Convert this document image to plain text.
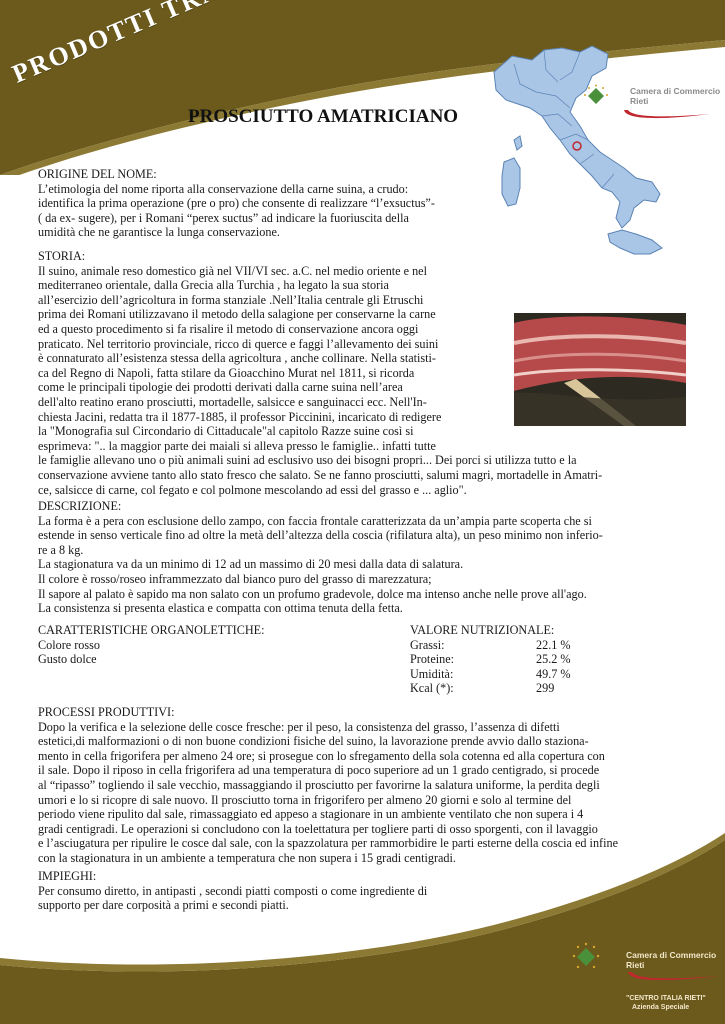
Camera di Commercio
Rieti
PROSCIUTTO AMATRICIANO
ORIGINE DEL NOME:
L’etimologia del nome riporta alla conservazione della carne suina, a crudo:
identifica la prima operazione (pre o pro) che consente di realizzare “l’exsuctus”-
( da ex- sugere), per i Romani “perex suctus” ad indicare la fuoriuscita della
umidità che ne garantisce la lunga conservazione.
STORIA:
Il suino, animale reso domestico già nel VII/VI sec. a.C. nel medio oriente e nel
mediterraneo orientale, dalla Grecia alla Turchia , ha legato la sua storia
all’esercizio dell’agricoltura in forma stanziale .Nell’Italia centrale gli Etruschi
prima dei Romani utilizzavano il metodo della salagione per conservarne la carne
ed a questo procedimento si fa risalire il metodo di conservazione ancora oggi
praticato. Nel territorio provinciale, ricco di querce e faggi l’allevamento dei suini
è connaturato all’esistenza stessa della agricoltura , anche collinare. Nella statisti-
ca del Regno di Napoli, fatta stilare da Gioacchino Murat nel 1811, si ricorda
come le principali tipologie dei prodotti derivati dalla carne suina nell’area
dell'alto reatino erano prosciutti, mortadelle, salsicce e sanguinacci ecc. Nell'In-
chiesta Jacini, redatta tra il 1877-1885, il professor Piccinini, incaricato di redigere
la "Monografia sul Circondario di Cittaducale"al capitolo Razze suine così si
esprimeva: ".. la maggior parte dei maiali si alleva presso le famiglie.. infatti tutte
le famiglie allevano uno o più animali suini ad esclusivo uso dei bisogni propri... Dei porci si utilizza tutto e la
conservazione avviene tanto allo stato fresco che salato. Se ne fanno prosciutti, salumi magri, mortadelle in Amatri-
ce, salsicce di carne, col fegato e col polmone mescolando ad essi del grasso e ... aglio".
DESCRIZIONE:
La forma è a pera con esclusione dello zampo, con faccia frontale caratterizzata da un’ampia parte scoperta che si
estende in senso verticale fino ad oltre la metà dell’altezza della coscia (rifilatura alta), un peso minimo non inferio-
re a 8 kg.
La stagionatura va da un minimo di 12 ad un massimo di 20 mesi dalla data di salatura.
Il colore è rosso/roseo inframmezzato dal bianco puro del grasso di marezzatura;
Il sapore al palato è sapido ma non salato con un profumo gradevole, dolce ma intenso anche nelle prove all'ago.
La consistenza si presenta elastica e compatta con ottima tenuta della fetta.
CARATTERISTICHE ORGANOLETTICHE:
Colore rosso
Gusto dolce
VALORE NUTRIZIONALE:
Grassi:	22.1 %
Proteine:	25.2 %
Umidità:	49.7 %
Kcal (*):	299
PROCESSI PRODUTTIVI:
Dopo la verifica e la selezione delle cosce fresche: per il peso, la consistenza del grasso, l’assenza di difetti
estetici,di malformazioni o di non buone condizioni fisiche del suino, la lavorazione prende avvio dallo staziona-
mento in cella frigorifera per almeno 24 ore; si prosegue con lo sfregamento della sola cotenna ed alla copertura con
il sale. Dopo il riposo in cella frigorifera ad una temperatura di poco superiore ad un 1 grado centigrado, si procede
al “ripasso” togliendo il sale vecchio, massaggiando il prosciutto per favorirne la salatura uniforme, la perdita degli
umori e lo si ricopre di sale nuovo. Il prosciutto torna in frigorifero per almeno 20 giorni e solo al termine del
periodo viene ripulito dal sale, rimassaggiato ed appeso a stagionare in un ambiente ventilato che non supera i 4
gradi centigradi. Le operazioni si concludono con la toelettatura per togliere parti di osso sporgenti, con il lavaggio
e l’asciugatura per ripulire le cosce dal sale, con la spazzolatura per rammorbidire le parti esterne della coscia ed infine
con la stagionatura in un ambiente a temperatura che non supera i 15 gradi centigradi.
IMPIEGHI:
Per consumo diretto, in antipasti , secondi piatti composti o come ingrediente di
supporto per dare corposità a primi e secondi piatti.
Camera di Commercio
Rieti
"CENTRO ITALIA RIETI"
Azienda Speciale
